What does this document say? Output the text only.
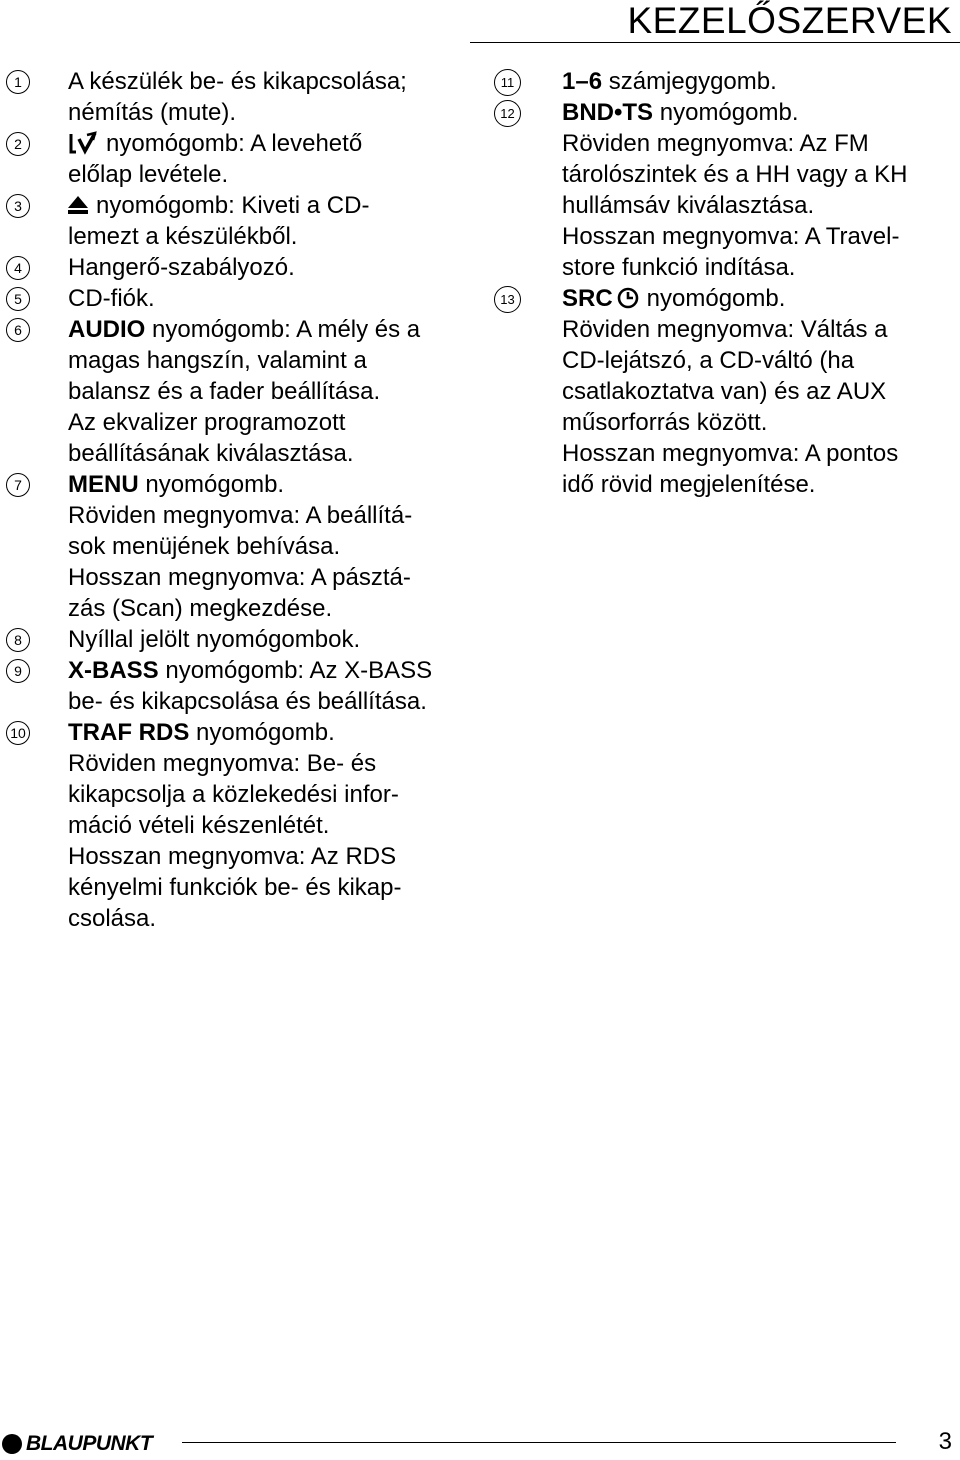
KEZELŐSZERVEK
1	A készülék be- és kikapcsolása;
némítás (mute).
2	nyomógomb: A levehető
előlap levétele.
3	nyomógomb: Kiveti a CD-
lemezt a készülékből.
4	Hangerő-szabályozó.
5	CD-fiók.
6	AUDIO nyomógomb: A mély és a
magas hangszín, valamint a
balansz és a fader beállítása.
Az ekvalizer programozott
beállításának kiválasztása.
7	MENU nyomógomb.
Röviden megnyomva: A beállítá-
sok menüjének behívása.
Hosszan megnyomva: A pásztá-
zás (Scan) megkezdése.
8	Nyíllal jelölt nyomógombok.
9	X-BASS nyomógomb: Az X-BASS
be- és kikapcsolása és beállítása.
10 TRAF RDS nyomógomb.
Röviden megnyomva: Be- és
kikapcsolja a közlekedési infor-
máció vételi készenlétét.
Hosszan megnyomva: Az RDS
kényelmi funkciók be- és kikap-
csolása.
11 1–6 számjegygomb.
12 BND•TS nyomógomb.
Röviden megnyomva: Az FM
tárolószintek és a HH vagy a KH
hullámsáv kiválasztása.
Hosszan megnyomva: A Travel-
store funkció indítása.
13 SRC nyomógomb.
Röviden megnyomva: Váltás a
CD-lejátszó, a CD-váltó (ha
csatlakoztatva van) és az AUX
műsorforrás között.
Hosszan megnyomva: A pontos
idő rövid megjelenítése.
BLAUPUNKT	3
